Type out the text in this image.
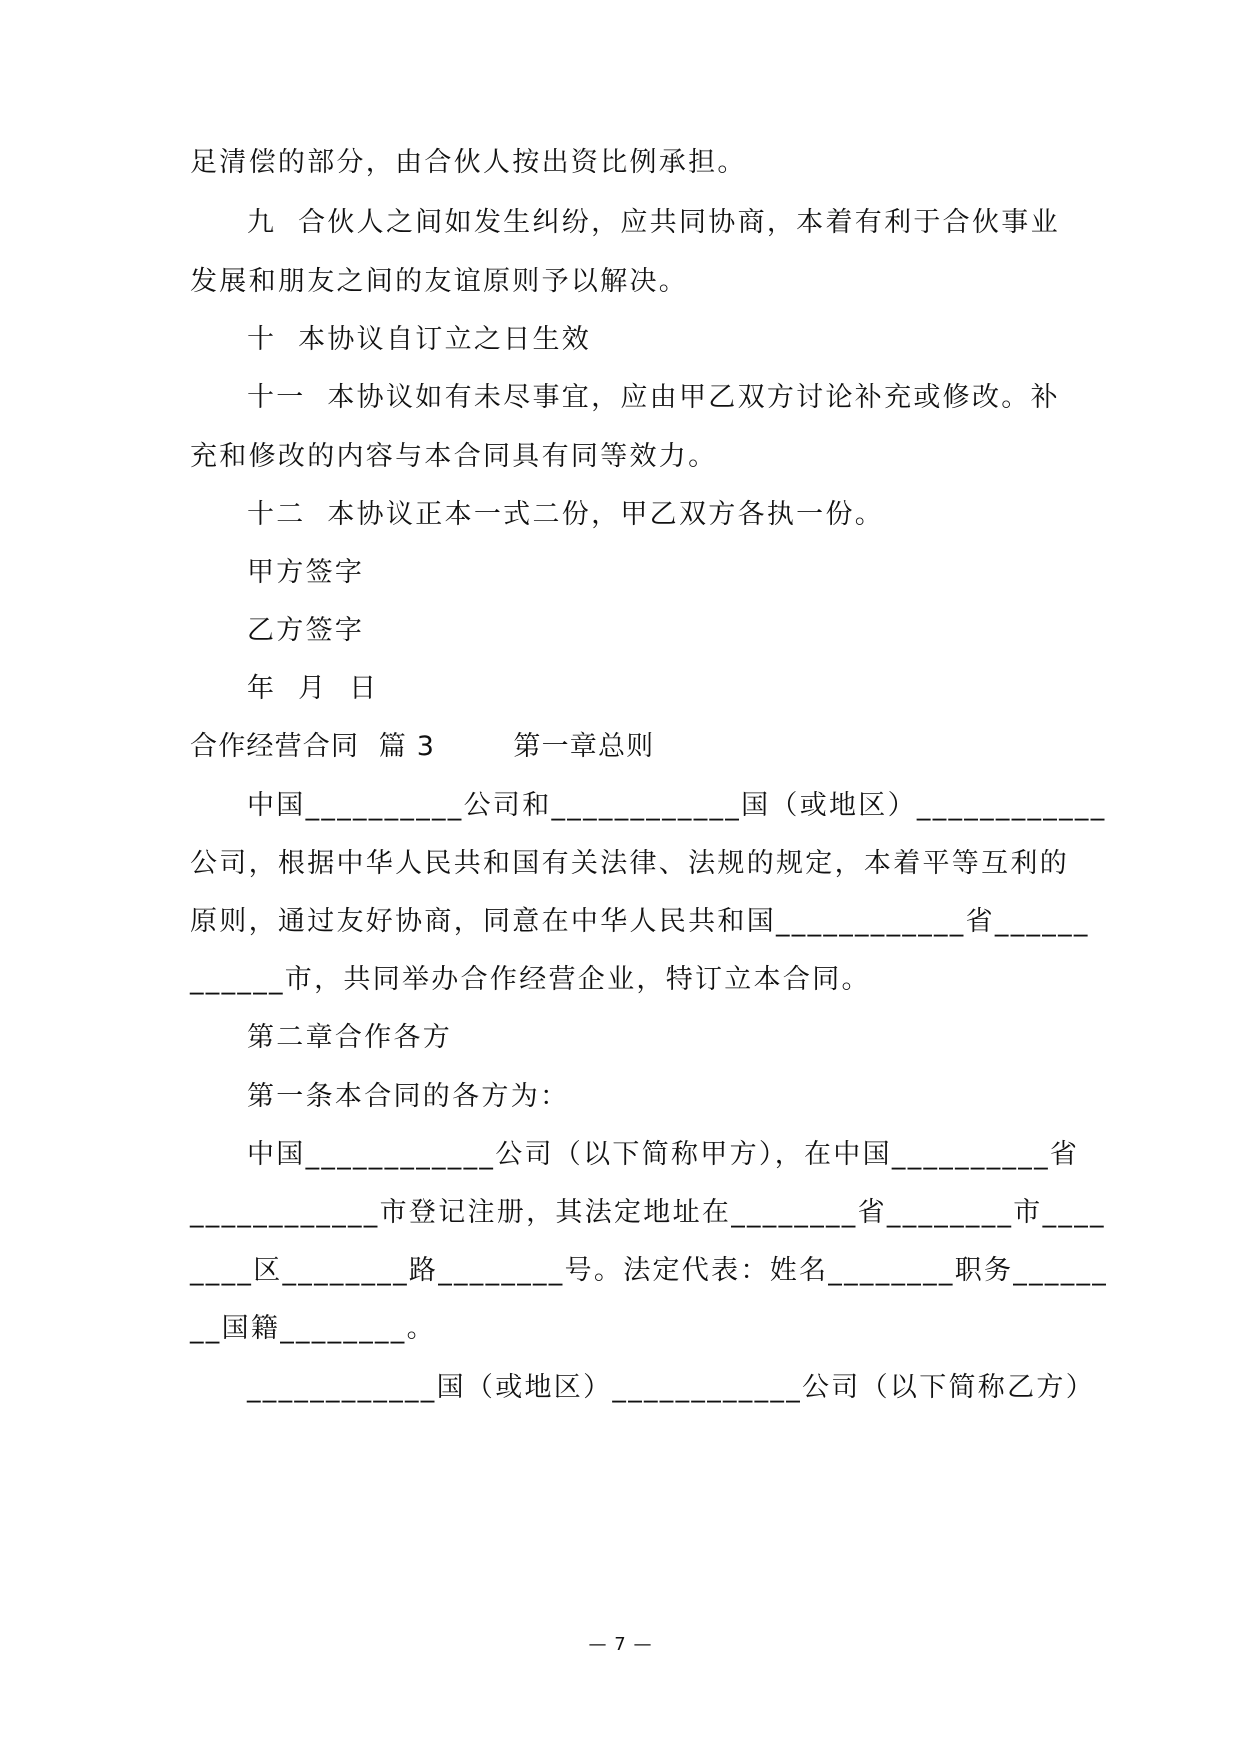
足清偿的部分，由合伙人按出资比例承担。
九  合伙人之间如发生纠纷，应共同协商，本着有利于合伙事业
发展和朋友之间的友谊原则予以解决。
十  本协议自订立之日生效
十一  本协议如有未尽事宜，应由甲乙双方讨论补充或修改。补
充和修改的内容与本合同具有同等效力。
十二  本协议正本一式二份，甲乙双方各执一份。
甲方签字
乙方签字
年  月  日
合作经营合同  篇 3        第一章总则
中国__________公司和____________国（或地区）____________
公司，根据中华人民共和国有关法律、法规的规定，本着平等互利的
原则，通过友好协商，同意在中华人民共和国____________省______
______市，共同举办合作经营企业，特订立本合同。
第二章合作各方
第一条本合同的各方为：
中国____________公司（以下简称甲方），在中国__________省
____________市登记注册，其法定地址在________省________市____
____区________路________号。法定代表：姓名________职务______
__国籍________。
____________国（或地区）____________公司（以下简称乙方）
— 7 —
